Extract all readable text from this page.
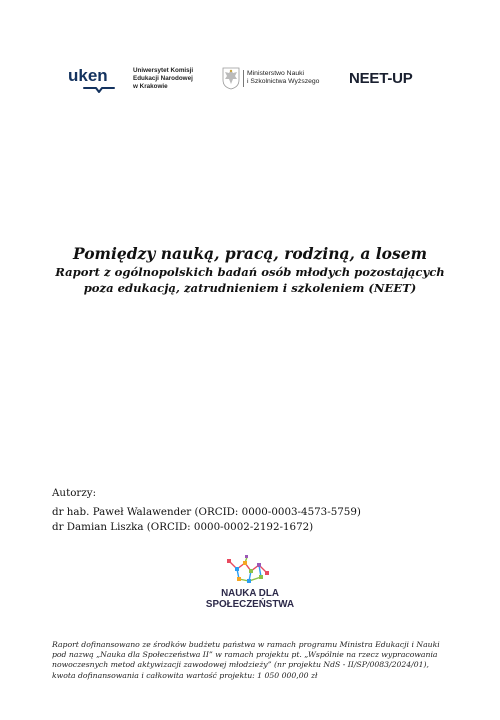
uken	Uniwersytet Komisji
Edukacji Narodowej
w Krakowie
Ministerstwo Nauki
i Szkolnictwa Wyższego NEET-UP

Pomiędzy nauką, pracą, rodziną, a losem

Raport z ogólnopolskich badań osób młodych pozostających

poza edukacją, zatrudnieniem i szkoleniem (NEET)

Autorzy:
dr hab. Paweł Walawender (ORCID: 0000-0003-4573-5759)
dr Damian Liszka (ORCID: 0000-0002-2192-1672)
NAUKA DLA
SPOŁECZEŃSTWA
Raport dofinansowano ze środków budżetu państwa w ramach programu Ministra Edukacji i Nauki
pod nazwą „Nauka dla Społeczeństwa II” w ramach projektu pt. „Wspólnie na rzecz wypracowania
nowoczesnych metod aktywizacji zawodowej młodzieży” (nr projektu NdS - II/SP/0083/2024/01),
kwota dofinansowania i całkowita wartość projektu: 1 050 000,00 zł
